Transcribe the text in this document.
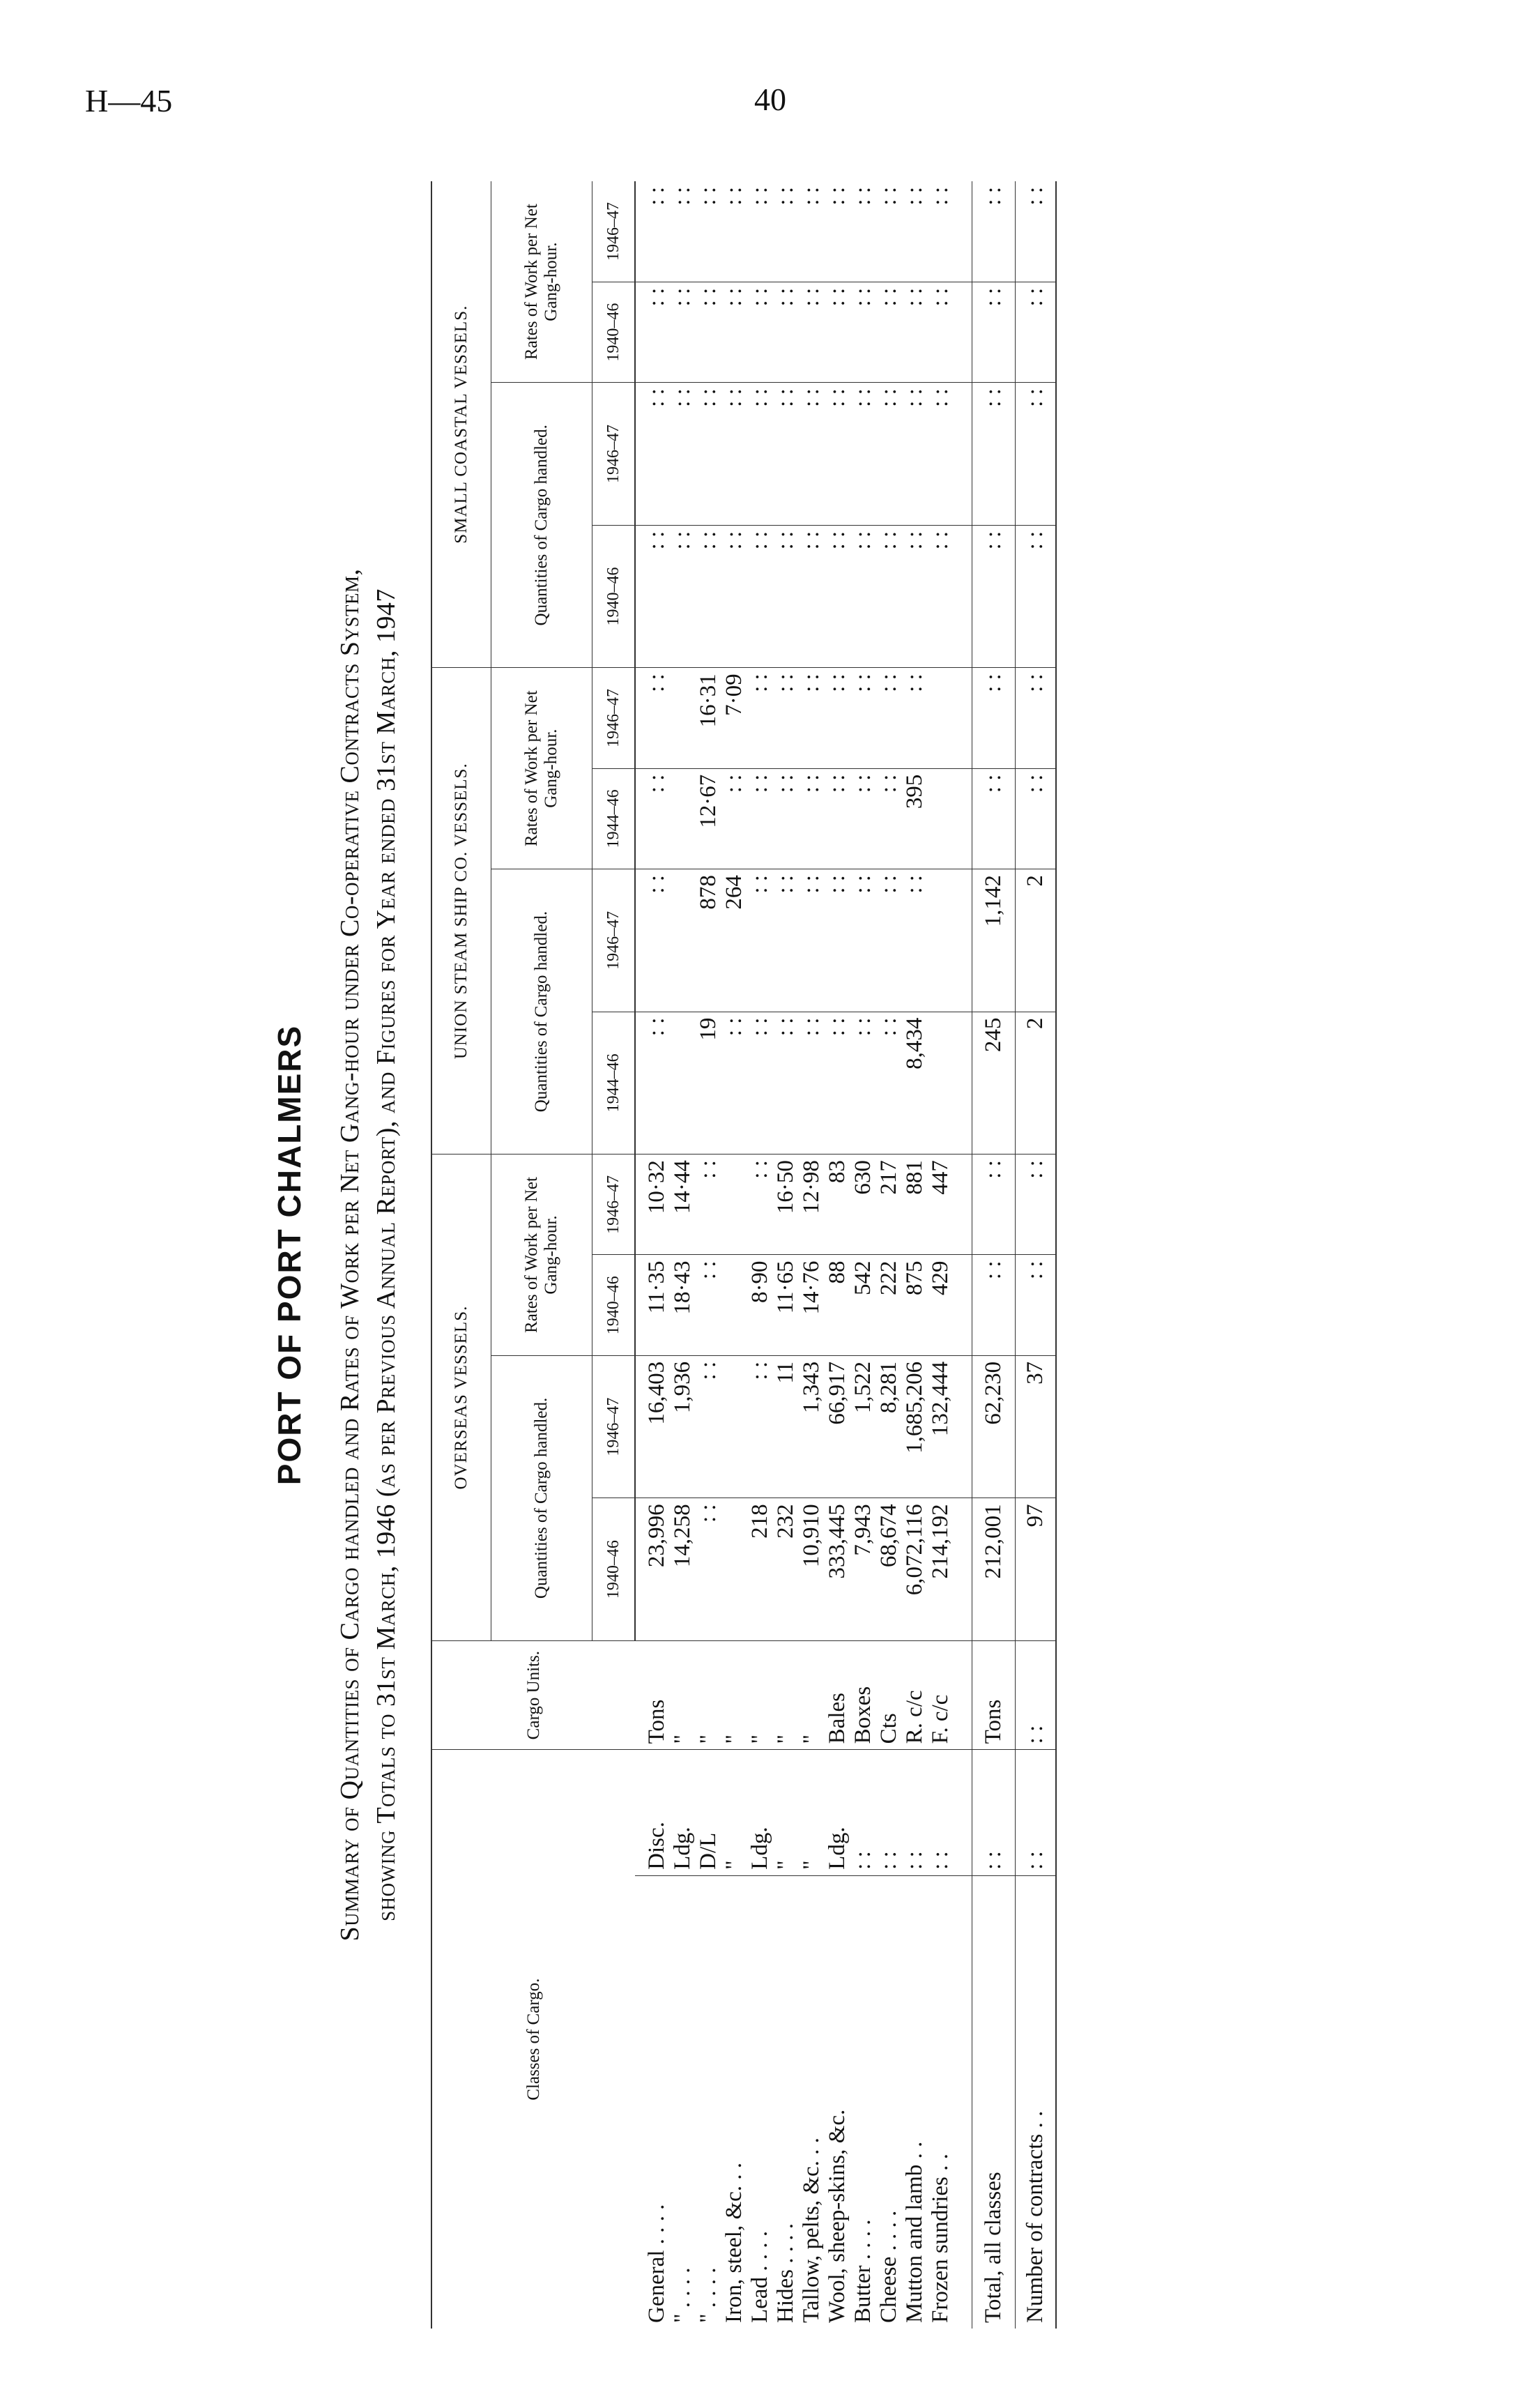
H—45	40
PORT OF PORT CHALMERS Summary of Quantities of Cargo handled and Rates of Work per Net Gang-hour under Co-operative Contracts System, showing Totals to 31st March, 1946 (as per Previous Annual Report), and Figures for Year ended 31st March, 1947
Classes of Cargo.		Cargo Units.	OVERSEAS VESSELS.				UNION STEAM SHIP CO. VESSELS.				SMALL COASTAL VESSELS.			
			Quantities of Cargo handled.		Rates of Work per Net Gang-hour.		Quantities of Cargo handled.		Rates of Work per Net Gang-hour.		Quantities of Cargo handled.		Rates of Work per Net Gang-hour.	
			1940–46	1946–47	1940–46	1946–47	1944–46	1946–47	1944–46	1946–47	1940–46	1946–47	1940–46	1946–47
General . . . .	Disc.	Tons	23,996	16,403	11·35	10·32	: :	: :	: :	: :	: :	: :	: :	: :
" . . . .	Ldg.	"	14,258	1,936	18·43	14·44					: :	: :	: :	: :
" . . . .	D/L	"	: :	: :	: :	: :	19	878	12·67	16·31	: :	: :	: :	: :
Iron, steel, &c. . .	"	"					: :	264	: :	7·09	: :	: :	: :	: :
Lead . . . .	Ldg.	"	218	: :	8·90	: :	: :	: :	: :	: :	: :	: :	: :	: :
Hides . . . .	"	"	232	11	11·65	16·50	: :	: :	: :	: :	: :	: :	: :	: :
Tallow, pelts, &c. . .	"	"	10,910	1,343	14·76	12·98	: :	: :	: :	: :	: :	: :	: :	: :
Wool, sheep-skins, &c.	Ldg.	Bales	333,445	66,917	88	83	: :	: :	: :	: :	: :	: :	: :	: :
Butter . . . .	: :	Boxes	7,943	1,522	542	630	: :	: :	: :	: :	: :	: :	: :	: :
Cheese . . . .	: :	Cts	68,674	8,281	222	217	: :	: :	: :	: :	: :	: :	: :	: :
Mutton and lamb . .	: :	R. c/c	6,072,116	1,685,206	875	881	8,434	: :	395	: :	: :	: :	: :	: :
Frozen sundries . .	: :	F. c/c	214,192	132,444	429	447					: :	: :	: :	: :

Total, all classes	: :	Tons	212,001	62,230	: :	: :	245	1,142	: :	: :	: :	: :	: :	: :
Number of contracts . .	: :	: :	97	37	: :	: :	2	2	: :	: :	: :	: :	: :	: :
